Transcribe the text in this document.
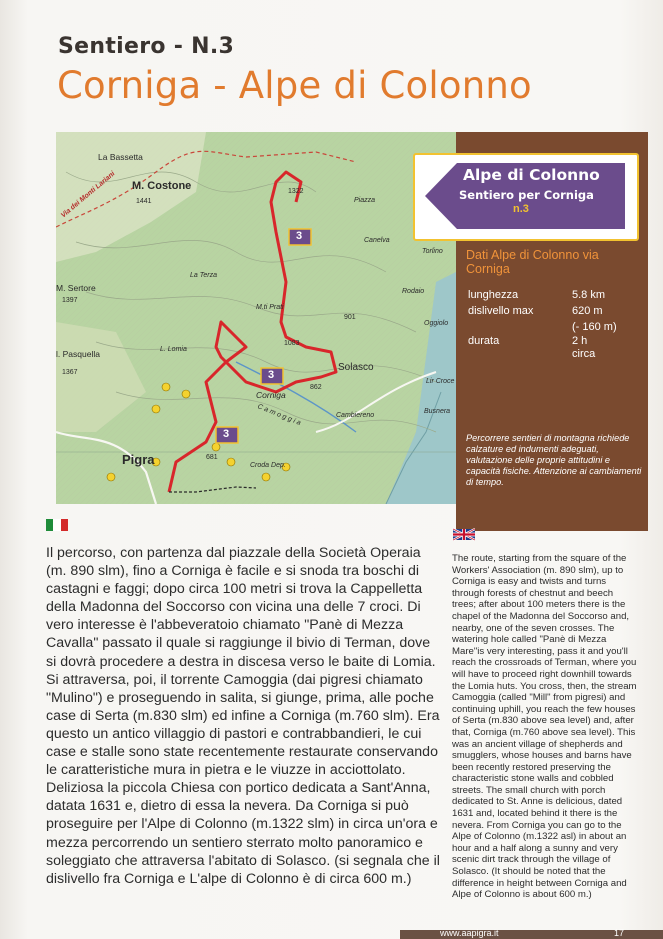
Sentiero - N.3
Corniga - Alpe di Colonno
La Bassetta
M. Costone
1441
M. Sertore
1397
l. Pasquella
1367
Pigra
Corniga
Solasco
Rodaio
La Terza
Cambiereno
Piazza
Canelva
Torlino
Oggiolo
Lir Croce
Busnera
M.ti Prati
1322
1083
862
681
901
Croda Dep.
L. Lomia
Camoggia
Via dei Monti Lariani
3
3
3
Dati Alpe di Colonno via Corniga
lunghezza	5.8 km
dislivello max	620 m
(- 160 m)
durata	2 h
circa
Percorrere sentieri di montagna richiede calzature ed indumenti adeguati, valutazione delle proprie attitudini e capacità fisiche. Attenzione ai cambiamenti di tempo.
Alpe di Colonno
Sentiero per Corniga
n.3
Il percorso, con partenza dal piazzale della Società Operaia (m. 890 slm), fino a Corniga è facile e si snoda tra boschi di castagni e faggi; dopo circa 100 metri si trova la Cappelletta della Madonna del Soccorso con vicina una delle 7 croci. Di vero interesse è l'abbeveratoio chiamato "Panè di Mezza Cavalla" passato il quale si raggiunge il bivio di Terman, dove si dovrà procedere a destra in discesa verso le baite di Lomia. Si attraversa, poi, il torrente Camoggia (dai pigresi chiamato "Mulino") e proseguendo in salita, si giunge, prima, alle poche case di Serta (m.830 slm) ed infine a Corniga (m.760 slm). Era questo un antico villaggio di pastori e contrabbandieri, le cui case e stalle sono state recentemente restaurate conservando le caratteristiche mura in pietra e le viuzze in acciottolato. Deliziosa la piccola Chiesa con portico dedicata a Sant'Anna, datata 1631 e, dietro di essa la nevera. Da Corniga si può proseguire per l'Alpe di Colonno (m.1322 slm) in circa un'ora e mezza percorrendo un sentiero sterrato molto panoramico e soleggiato che attraversa l'abitato di Solasco. (si segnala che il dislivello fra Corniga e L'alpe di Colonno è di circa 600 m.)
The route, starting from the square of the Workers' Association (m. 890 slm), up to Corniga is easy and twists and turns through forests of chestnut and beech trees; after about 100 meters there is the chapel of the Madonna del Soccorso and, nearby, one of the seven crosses. The watering hole called "Panè di Mezza Mare"is very interesting, pass it and you'll reach the crossroads of Terman, where you will have to proceed right downhill towards the Lomia huts. You cross, then, the stream Camoggia (called "Mill" from pigresi) and continuing uphill, you reach the few houses of Serta (m.830 above sea level) and, after that, Corniga (m.760 above sea level). This was an ancient village of shepherds and smugglers, whose houses and barns have been recently restored preserving the characteristic stone walls and cobbled streets. The small church with porch dedicated to St. Anne is delicious, dated 1631 and, located behind it there is the nevera. From Corniga you can go to the Alpe of Colonno (m.1322 asl) in about an hour and a half along a sunny and very scenic dirt track through the village of Solasco. (It should be noted that the difference in height between Corniga and Alpe of Colonno is about 600 m.)
www.aapigra.it	17
